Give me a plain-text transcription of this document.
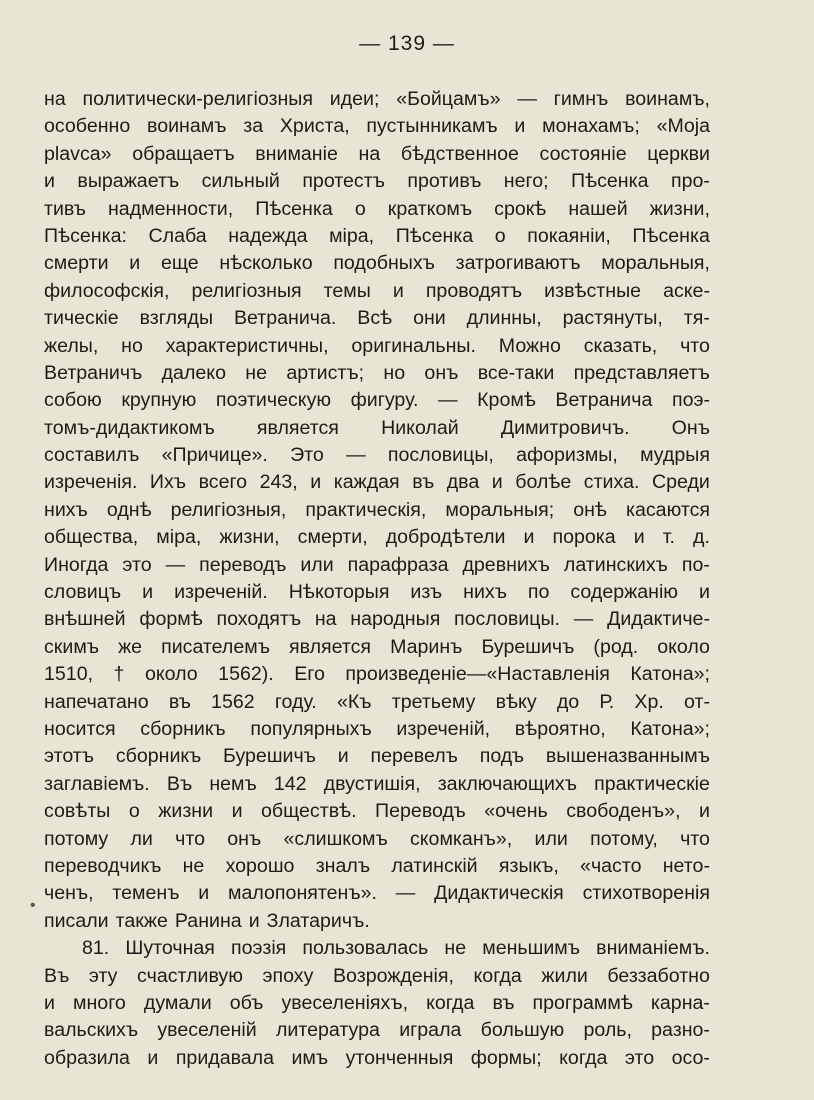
— 139 —
•
на политически-религiозныя идеи; «Бойцамъ» — гимнъ воинамъ,
особенно воинамъ за Христа, пустынникамъ и монахамъ; «Moja
plavca» обращаетъ вниманiе на бѣдственное состоянiе церкви
и выражаетъ сильный протестъ противъ него; Пѣсенка про-
тивъ надменности, Пѣсенка о краткомъ срокѣ нашей жизни,
Пѣсенка: Слаба надежда мiра, Пѣсенка о покаянiи, Пѣсенка
смерти и еще нѣсколько подобныхъ затрогиваютъ моральныя,
философскiя, религiозныя темы и проводятъ извѣстные аске-
тическiе взгляды Ветранича. Всѣ они длинны, растянуты, тя-
желы, но характеристичны, оригинальны. Можно сказать, что
Ветраничъ далеко не артистъ; но онъ все-таки представляетъ
собою крупную поэтическую фигуру. — Кромѣ Ветранича поэ-
томъ-дидактикомъ является Николай Димитровичъ. Онъ
составилъ «Причице». Это — пословицы, афоризмы, мудрыя
изреченiя. Ихъ всего 243, и каждая въ два и болѣе стиха. Среди
нихъ однѣ религiозныя, практическiя, моральныя; онѣ касаются
общества, мiра, жизни, смерти, добродѣтели и порока и т. д.
Иногда это — переводъ или парафраза древнихъ латинскихъ по-
словицъ и изреченiй. Нѣкоторыя изъ нихъ по содержанiю и
внѣшней формѣ походятъ на народныя пословицы. — Дидактиче-
скимъ же писателемъ является Маринъ Бурешичъ (род. около
1510, † около 1562). Его произведенiе—«Наставленiя Катона»;
напечатано въ 1562 году. «Къ третьему вѣку до Р. Хр. от-
носится сборникъ популярныхъ изреченiй, вѣроятно, Катона»;
этотъ сборникъ Бурешичъ и перевелъ подъ вышеназваннымъ
заглавiемъ. Въ немъ 142 двустишiя, заключающихъ практическiе
совѣты о жизни и обществѣ. Переводъ «очень свободенъ», и
потому ли что онъ «слишкомъ скомканъ», или потому, что
переводчикъ не хорошо зналъ латинскiй языкъ, «часто нето-
ченъ, теменъ и малопонятенъ». — Дидактическiя стихотворенiя
писали также Ранина и Златаричъ.
81. Шуточная поэзiя пользовалась не меньшимъ вниманiемъ.
Въ эту счастливую эпоху Возрожденiя, когда жили беззаботно
и много думали объ увеселенiяхъ, когда въ программѣ карна-
вальскихъ увеселенiй литература играла большую роль, разно-
образила и придавала имъ утонченныя формы; когда это осо-
